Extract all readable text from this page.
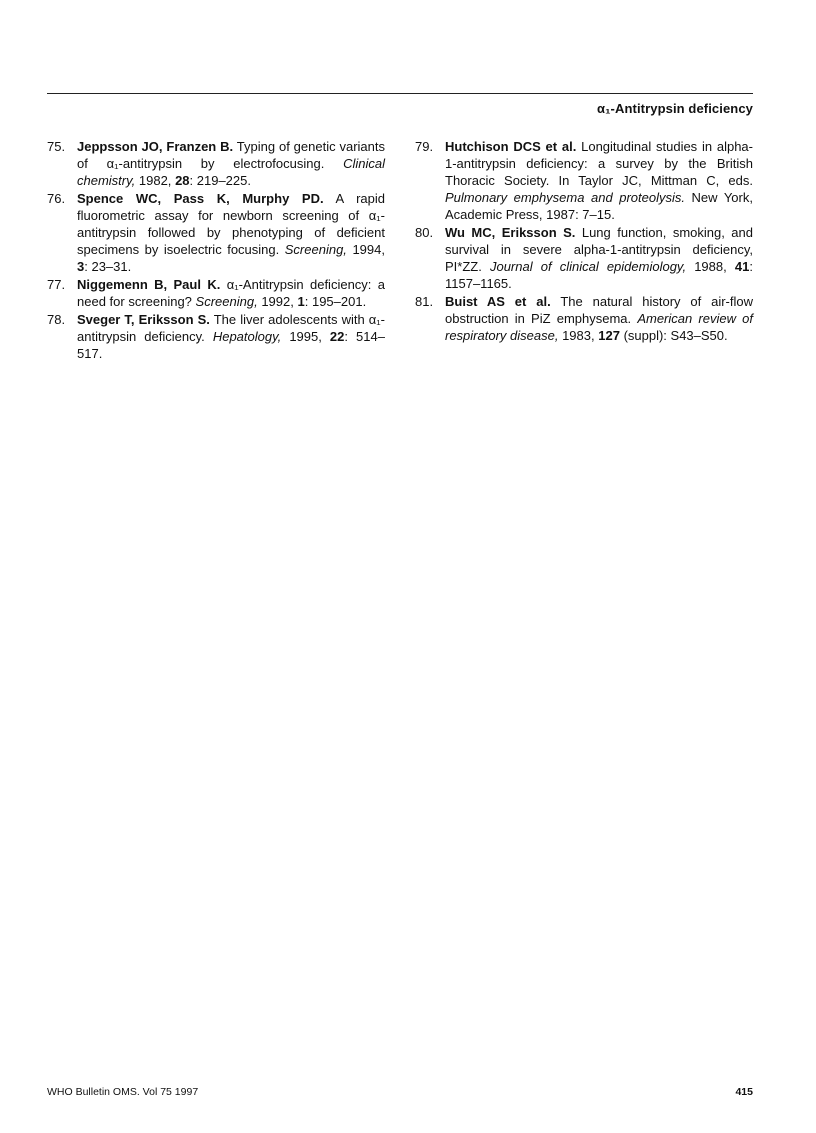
α₁-Antitrypsin deficiency
75. Jeppsson JO, Franzen B. Typing of genetic variants of α₁-antitrypsin by electrofocusing. Clinical chemistry, 1982, 28: 219–225.
76. Spence WC, Pass K, Murphy PD. A rapid fluorometric assay for newborn screening of α₁-antitrypsin followed by phenotyping of deficient specimens by isoelectric focusing. Screening, 1994, 3: 23–31.
77. Niggemenn B, Paul K. α₁-Antitrypsin deficiency: a need for screening? Screening, 1992, 1: 195–201.
78. Sveger T, Eriksson S. The liver adolescents with α₁-antitrypsin deficiency. Hepatology, 1995, 22: 514–517.
79. Hutchison DCS et al. Longitudinal studies in alpha-1-antitrypsin deficiency: a survey by the British Thoracic Society. In Taylor JC, Mittman C, eds. Pulmonary emphysema and proteolysis. New York, Academic Press, 1987: 7–15.
80. Wu MC, Eriksson S. Lung function, smoking, and survival in severe alpha-1-antitrypsin deficiency, PI*ZZ. Journal of clinical epidemiology, 1988, 41: 1157–1165.
81. Buist AS et al. The natural history of air-flow obstruction in PiZ emphysema. American review of respiratory disease, 1983, 127 (suppl): S43–S50.
WHO Bulletin OMS. Vol 75 1997	415
